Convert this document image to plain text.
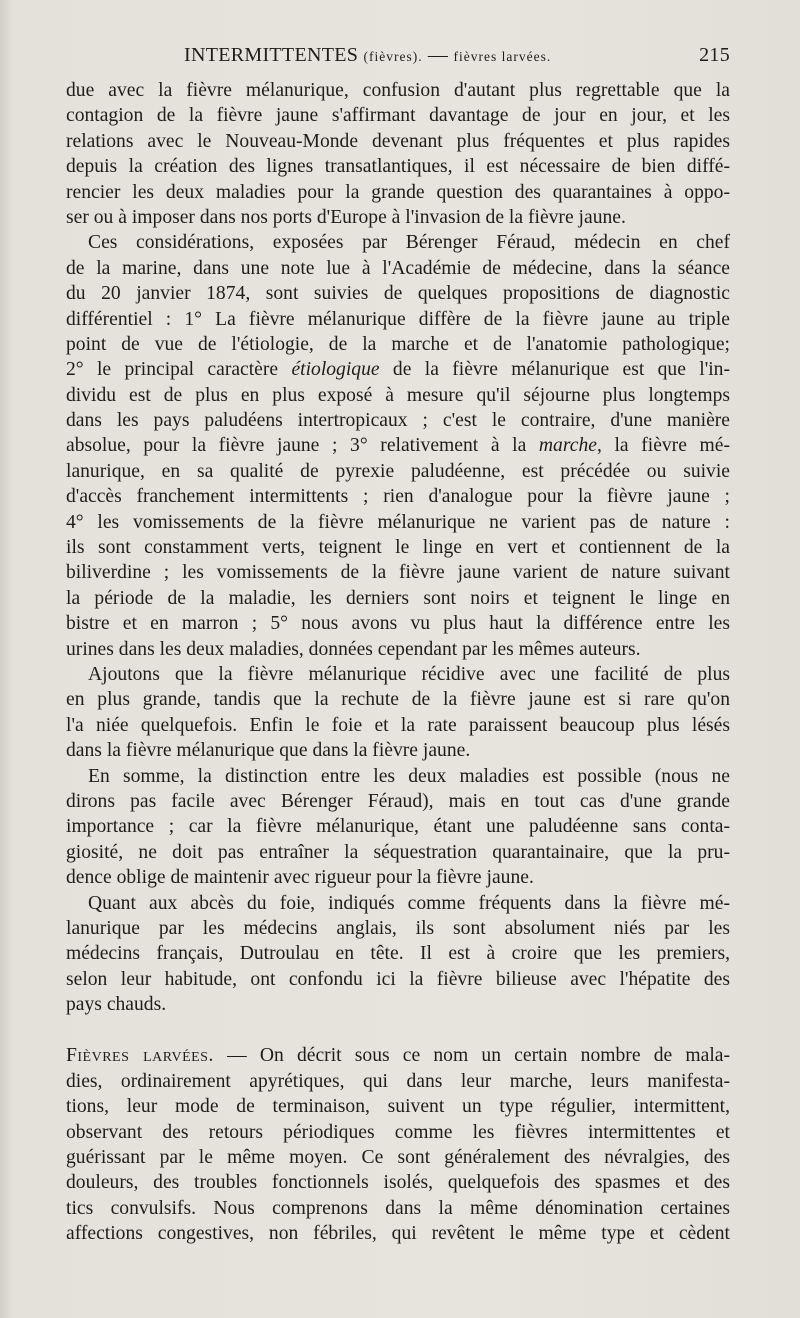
INTERMITTENTES (fièvres). — fièvres larvées.	215
due avec la fièvre mélanurique, confusion d'autant plus regrettable que la
contagion de la fièvre jaune s'affirmant davantage de jour en jour, et les
relations avec le Nouveau-Monde devenant plus fréquentes et plus rapides
depuis la création des lignes transatlantiques, il est nécessaire de bien diffé-
rencier les deux maladies pour la grande question des quarantaines à oppo-
ser ou à imposer dans nos ports d'Europe à l'invasion de la fièvre jaune.
Ces considérations, exposées par Bérenger Féraud, médecin en chef
de la marine, dans une note lue à l'Académie de médecine, dans la séance
du 20 janvier 1874, sont suivies de quelques propositions de diagnostic
différentiel : 1° La fièvre mélanurique diffère de la fièvre jaune au triple
point de vue de l'étiologie, de la marche et de l'anatomie pathologique;
2° le principal caractère étiologique de la fièvre mélanurique est que l'in-
dividu est de plus en plus exposé à mesure qu'il séjourne plus longtemps
dans les pays paludéens intertropicaux ; c'est le contraire, d'une manière
absolue, pour la fièvre jaune ; 3° relativement à la marche, la fièvre mé-
lanurique, en sa qualité de pyrexie paludéenne, est précédée ou suivie
d'accès franchement intermittents ; rien d'analogue pour la fièvre jaune ;
4° les vomissements de la fièvre mélanurique ne varient pas de nature :
ils sont constamment verts, teignent le linge en vert et contiennent de la
biliverdine ; les vomissements de la fièvre jaune varient de nature suivant
la période de la maladie, les derniers sont noirs et teignent le linge en
bistre et en marron ; 5° nous avons vu plus haut la différence entre les
urines dans les deux maladies, données cependant par les mêmes auteurs.
Ajoutons que la fièvre mélanurique récidive avec une facilité de plus
en plus grande, tandis que la rechute de la fièvre jaune est si rare qu'on
l'a niée quelquefois. Enfin le foie et la rate paraissent beaucoup plus lésés
dans la fièvre mélanurique que dans la fièvre jaune.
En somme, la distinction entre les deux maladies est possible (nous ne
dirons pas facile avec Bérenger Féraud), mais en tout cas d'une grande
importance ; car la fièvre mélanurique, étant une paludéenne sans conta-
giosité, ne doit pas entraîner la séquestration quarantainaire, que la pru-
dence oblige de maintenir avec rigueur pour la fièvre jaune.
Quant aux abcès du foie, indiqués comme fréquents dans la fièvre mé-
lanurique par les médecins anglais, ils sont absolument niés par les
médecins français, Dutroulau en tête. Il est à croire que les premiers,
selon leur habitude, ont confondu ici la fièvre bilieuse avec l'hépatite des
pays chauds.
Fièvres larvées. — On décrit sous ce nom un certain nombre de mala-
dies, ordinairement apyrétiques, qui dans leur marche, leurs manifesta-
tions, leur mode de terminaison, suivent un type régulier, intermittent,
observant des retours périodiques comme les fièvres intermittentes et
guérissant par le même moyen. Ce sont généralement des névralgies, des
douleurs, des troubles fonctionnels isolés, quelquefois des spasmes et des
tics convulsifs. Nous comprenons dans la même dénomination certaines
affections congestives, non fébriles, qui revêtent le même type et cèdent
